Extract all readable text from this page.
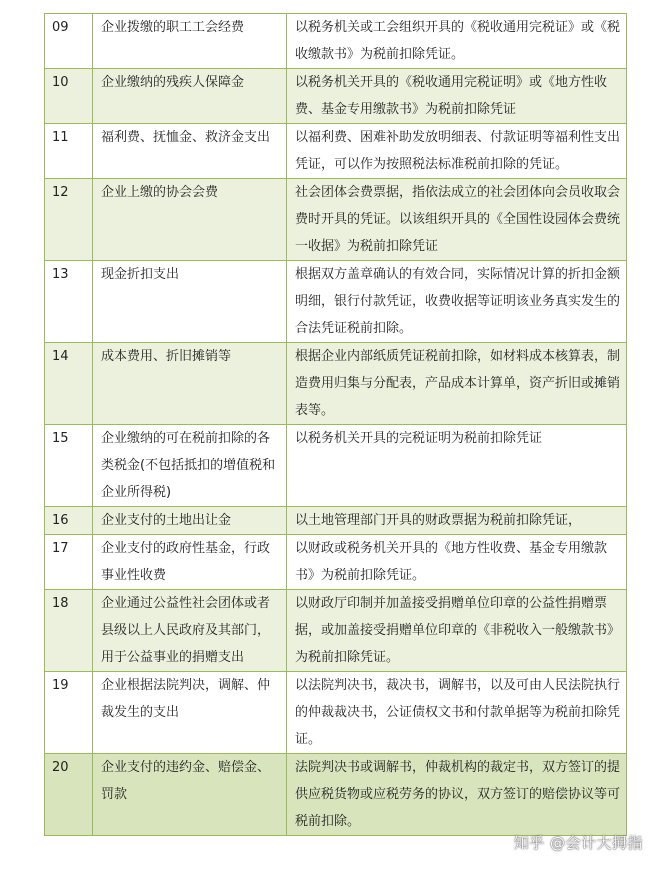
09	企业拨缴的职工工会经费	以税务机关或工会组织开具的《税收通用完税证》或《税收缴款书》为税前扣除凭证。
10	企业缴纳的残疾人保障金	以税务机关开具的《税收通用完税证明》或《地方性收费、基金专用缴款书》为税前扣除凭证
11	福利费、抚恤金、救济金支出	以福利费、困难补助发放明细表、付款证明等福利性支出凭证，可以作为按照税法标准税前扣除的凭证。
12	企业上缴的协会会费	社会团体会费票据，指依法成立的社会团体向会员收取会费时开具的凭证。以该组织开具的《全国性设园体会费统一收据》为税前扣除凭证
13	现金折扣支出	根据双方盖章确认的有效合同，实际情况计算的折扣金额明细，银行付款凭证，收费收据等证明该业务真实发生的合法凭证税前扣除。
14	成本费用、折旧摊销等	根据企业内部纸质凭证税前扣除，如材料成本核算表，制造费用归集与分配表，产品成本计算单，资产折旧或摊销表等。
15	企业缴纳的可在税前扣除的各类税金(不包括抵扣的增值税和企业所得税)	以税务机关开具的完税证明为税前扣除凭证
16	企业支付的土地出让金	以土地管理部门开具的财政票据为税前扣除凭证，
17	企业支付的政府性基金，行政事业性收费	以财政或税务机关开具的《地方性收费、基金专用缴款书》为税前扣除凭证。
18	企业通过公益性社会团体或者县级以上人民政府及其部门，用于公益事业的捐赠支出	以财政厅印制并加盖接受捐赠单位印章的公益性捐赠票据，或加盖接受捐赠单位印章的《非税收入一般缴款书》为税前扣除凭证。
19	企业根据法院判决，调解、仲裁发生的支出	以法院判决书，裁决书，调解书，以及可由人民法院执行的仲裁裁决书，公证债权文书和付款单据等为税前扣除凭证。
20	企业支付的违约金、赔偿金、罚款	法院判决书或调解书，仲裁机构的裁定书，双方签订的提供应税货物或应税劳务的协议，双方签订的赔偿协议等可税前扣除。
知乎 @会计大拇指
